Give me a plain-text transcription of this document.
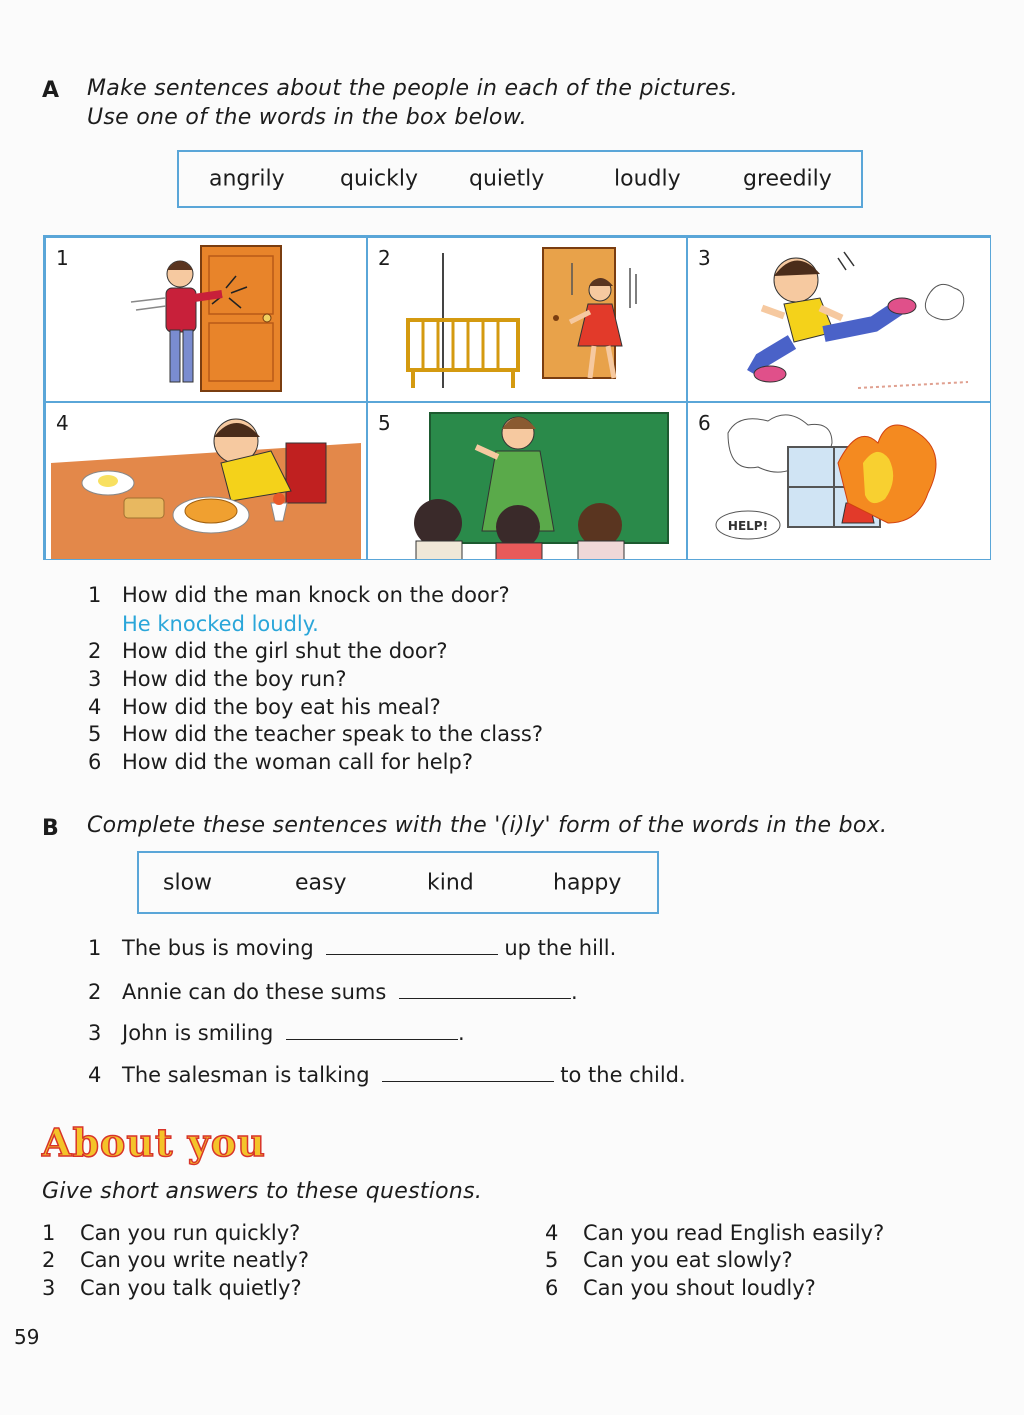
A Make sentences about the people in each of the pictures.
Use one of the words in the box below.
angrily	quickly quietly	loudly	greedily
1	2	3
4	5	6
HELP!
1 How did the man knock on the door?
He knocked loudly.
2 How did the girl shut the door?
3 How did the boy run?
4 How did the boy eat his meal?
5 How did the teacher speak to the class?
6 How did the woman call for help?
B Complete these sentences with the '(i)ly' form of the words in the box.
slow	easy	kind	happy
1 The bus is moving	up the hill.
2 Annie can do these sums	.
3 John is smiling	.
4 The salesman is talking	to the child.
About you
Give short answers to these questions.
1 Can you run quickly?
2 Can you write neatly?
3 Can you talk quietly?
4 Can you read English easily?
5 Can you eat slowly?
6 Can you shout loudly?
59
